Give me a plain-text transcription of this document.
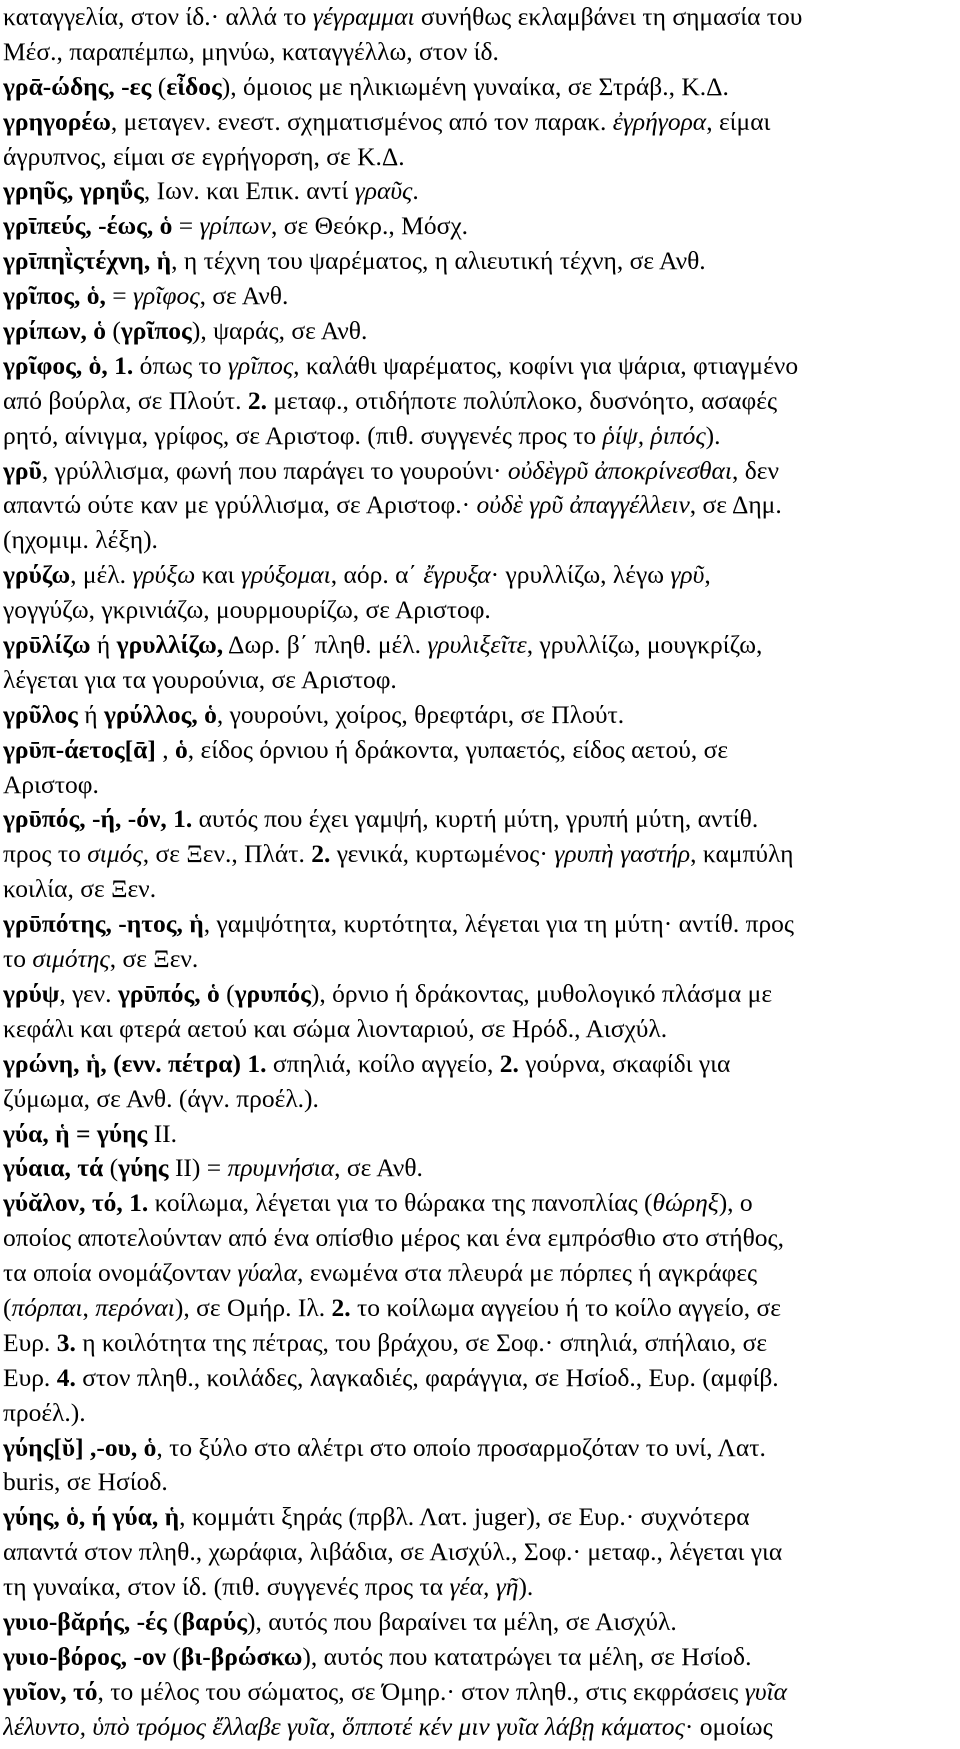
καταγγελία, στον ίδ.· αλλά το γέγραμμαι συνήθως εκλαμβάνει τη σημασία του
Μέσ., παραπέμπω, μηνύω, καταγγέλλω, στον ίδ.
γρᾱ-ώδης, -ες (εἶδος), όμοιος με ηλικιωμένη γυναίκα, σε Στράβ., Κ.Δ.
γρηγορέω, μεταγεν. ενεστ. σχηματισμένος από τον παρακ. ἐγρήγορα, είμαι
άγρυπνος, είμαι σε εγρήγορση, σε Κ.Δ.
γρηῦς, γρηΰς, Ιων. και Επικ. αντί γραῦς.
γρῑπεύς, -έως, ὁ = γρίπων, σε Θεόκρ., Μόσχ.
γρῑπηῒςτέχνη, ἡ, η τέχνη του ψαρέματος, η αλιευτική τέχνη, σε Ανθ.
γρῖπος, ὁ, = γρῖφος, σε Ανθ.
γρίπων, ὁ (γρῖπος), ψαράς, σε Ανθ.
γρῖφος, ὁ, 1. όπως το γρῖπος, καλάθι ψαρέματος, κοφίνι για ψάρια, φτιαγμένο
από βούρλα, σε Πλούτ. 2. μεταφ., οτιδήποτε πολύπλοκο, δυσνόητο, ασαφές
ρητό, αίνιγμα, γρίφος, σε Αριστοφ. (πιθ. συγγενές προς το ῥίψ, ῥιπός).
γρῦ, γρύλλισμα, φωνή που παράγει το γουρούνι· οὐδὲγρῦ ἀποκρίνεσθαι, δεν
απαντώ ούτε καν με γρύλλισμα, σε Αριστοφ.· οὐδὲ γρῦ ἀπαγγέλλειν, σε Δημ.
(ηχομιμ. λέξη).
γρύζω, μέλ. γρύξω και γρύξομαι, αόρ. α΄ ἔγρυξα· γρυλλίζω, λέγω γρῦ,
γογγύζω, γκρινιάζω, μουρμουρίζω, σε Αριστοφ.
γρῡλίζω ή γρυλλίζω, Δωρ. β΄ πληθ. μέλ. γρυλιξεῖτε, γρυλλίζω, μουγκρίζω,
λέγεται για τα γουρούνια, σε Αριστοφ.
γρῦλος ή γρύλλος, ὁ, γουρούνι, χοίρος, θρεφτάρι, σε Πλούτ.
γρῡπ-άετος[ᾱ] , ὁ, είδος όρνιου ή δράκοντα, γυπαετός, είδος αετού, σε
Αριστοφ.
γρῡπός, -ή, -όν, 1. αυτός που έχει γαμψή, κυρτή μύτη, γρυπή μύτη, αντίθ.
προς το σιμός, σε Ξεν., Πλάτ. 2. γενικά, κυρτωμένος· γρυπὴ γαστήρ, καμπύλη
κοιλία, σε Ξεν.
γρῡπότης, -ητος, ἡ, γαμψότητα, κυρτότητα, λέγεται για τη μύτη· αντίθ. προς
το σιμότης, σε Ξεν.
γρύψ, γεν. γρῡπός, ὁ (γρυπός), όρνιο ή δράκοντας, μυθολογικό πλάσμα με
κεφάλι και φτερά αετού και σώμα λιονταριού, σε Ηρόδ., Αισχύλ.
γρώνη, ἡ, (ενν. πέτρα) 1. σπηλιά, κοίλο αγγείο, 2. γούρνα, σκαφίδι για
ζύμωμα, σε Ανθ. (άγν. προέλ.).
γύα, ἡ = γύης II.
γύαια, τά (γύης II) = πρυμνήσια, σε Ανθ.
γύᾰλον, τό, 1. κοίλωμα, λέγεται για το θώρακα της πανοπλίας (θώρηξ), ο
οποίος αποτελούνταν από ένα οπίσθιο μέρος και ένα εμπρόσθιο στο στήθος,
τα οποία ονομάζονταν γύαλα, ενωμένα στα πλευρά με πόρπες ή αγκράφες
(πόρπαι, περόναι), σε Ομήρ. Ιλ. 2. το κοίλωμα αγγείου ή το κοίλο αγγείο, σε
Ευρ. 3. η κοιλότητα της πέτρας, του βράχου, σε Σοφ.· σπηλιά, σπήλαιο, σε
Ευρ. 4. στον πληθ., κοιλάδες, λαγκαδιές, φαράγγια, σε Ησίοδ., Ευρ. (αμφίβ.
προέλ.).
γύης[ῠ] ,-ου, ὁ, το ξύλο στο αλέτρι στο οποίο προσαρμοζόταν το υνί, Λατ.
buris, σε Ησίοδ.
γύης, ὁ, ή γύα, ἡ, κομμάτι ξηράς (πρβλ. Λατ. juger), σε Ευρ.· συχνότερα
απαντά στον πληθ., χωράφια, λιβάδια, σε Αισχύλ., Σοφ.· μεταφ., λέγεται για
τη γυναίκα, στον ίδ. (πιθ. συγγενές προς τα γέα, γῆ).
γυιο-βᾰρής, -ές (βαρύς), αυτός που βαραίνει τα μέλη, σε Αισχύλ.
γυιο-βόρος, -ον (βι-βρώσκω), αυτός που κατατρώγει τα μέλη, σε Ησίοδ.
γυῖον, τό, το μέλος του σώματος, σε Όμηρ.· στον πληθ., στις εκφράσεις γυῖα
λέλυντο, ὑπὸ τρόμος ἔλλαβε γυῖα, ὅπποτέ κέν μιν γυῖα λάβῃ κάματος· ομοίως
